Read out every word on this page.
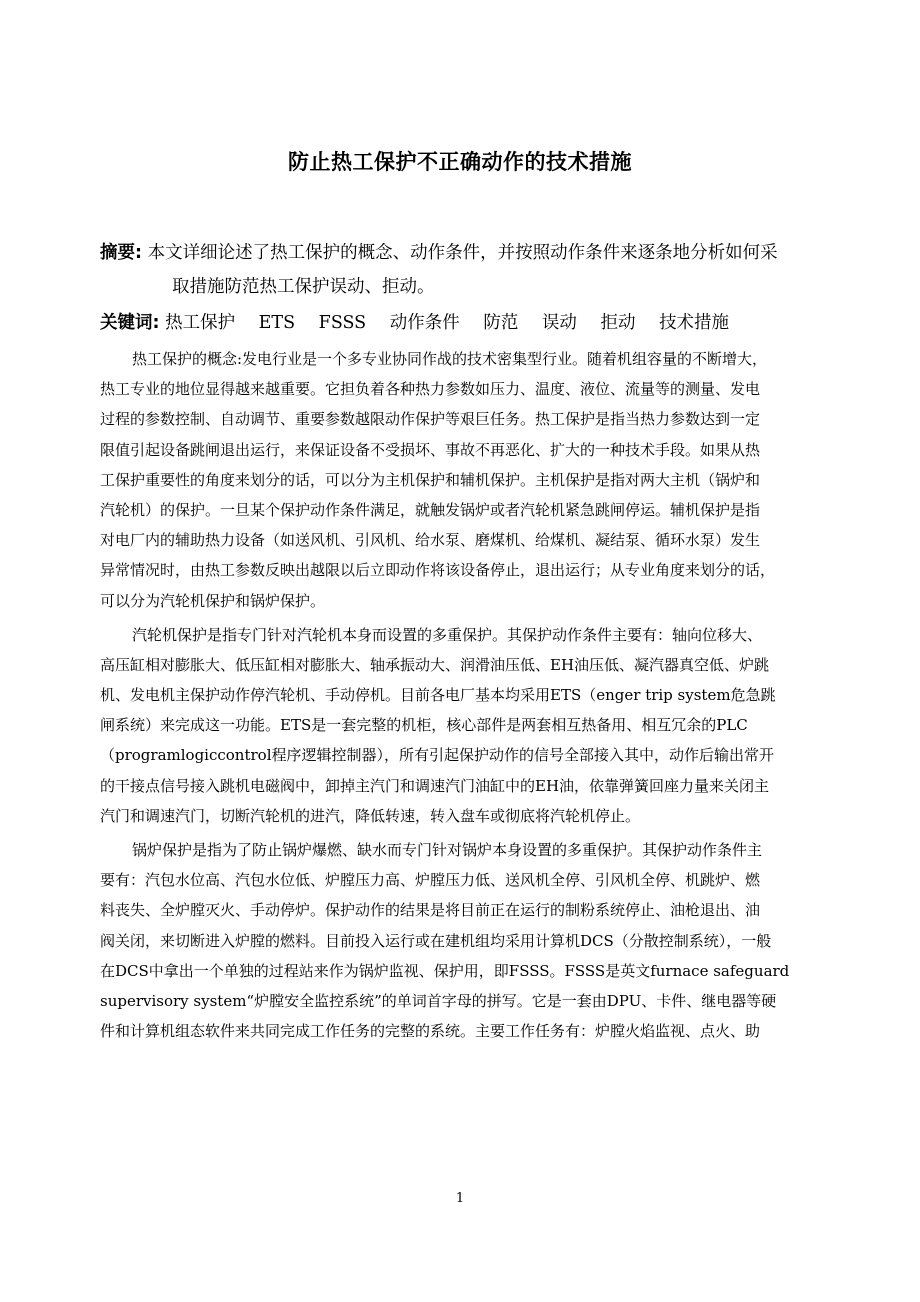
防止热工保护不正确动作的技术措施
摘要: 本文详细论述了热工保护的概念、动作条件，并按照动作条件来逐条地分析如何采
取措施防范热工保护误动、拒动。
关键词: 热工保护 ETS FSSS 动作条件 防范 误动 拒动 技术措施
热工保护的概念:发电行业是一个多专业协同作战的技术密集型行业。随着机组容量的不断增大，
热工专业的地位显得越来越重要。它担负着各种热力参数如压力、温度、液位、流量等的测量、发电
过程的参数控制、自动调节、重要参数越限动作保护等艰巨任务。热工保护是指当热力参数达到一定
限值引起设备跳闸退出运行，来保证设备不受损坏、事故不再恶化、扩大的一种技术手段。如果从热
工保护重要性的角度来划分的话，可以分为主机保护和辅机保护。主机保护是指对两大主机（锅炉和
汽轮机）的保护。一旦某个保护动作条件满足，就触发锅炉或者汽轮机紧急跳闸停运。辅机保护是指
对电厂内的辅助热力设备（如送风机、引风机、给水泵、磨煤机、给煤机、凝结泵、循环水泵）发生
异常情况时，由热工参数反映出越限以后立即动作将该设备停止，退出运行；从专业角度来划分的话，
可以分为汽轮机保护和锅炉保护。
汽轮机保护是指专门针对汽轮机本身而设置的多重保护。其保护动作条件主要有：轴向位移大、
高压缸相对膨胀大、低压缸相对膨胀大、轴承振动大、润滑油压低、EH油压低、凝汽器真空低、炉跳
机、发电机主保护动作停汽轮机、手动停机。目前各电厂基本均采用ETS（enger trip system危急跳
闸系统）来完成这一功能。ETS是一套完整的机柜，核心部件是两套相互热备用、相互冗余的PLC
（programlogiccontrol程序逻辑控制器），所有引起保护动作的信号全部接入其中，动作后输出常开
的干接点信号接入跳机电磁阀中，卸掉主汽门和调速汽门油缸中的EH油，依靠弹簧回座力量来关闭主
汽门和调速汽门，切断汽轮机的进汽，降低转速，转入盘车或彻底将汽轮机停止。
锅炉保护是指为了防止锅炉爆燃、缺水而专门针对锅炉本身设置的多重保护。其保护动作条件主
要有：汽包水位高、汽包水位低、炉膛压力高、炉膛压力低、送风机全停、引风机全停、机跳炉、燃
料丧失、全炉膛灭火、手动停炉。保护动作的结果是将目前正在运行的制粉系统停止、油枪退出、油
阀关闭，来切断进入炉膛的燃料。目前投入运行或在建机组均采用计算机DCS（分散控制系统），一般
在DCS中拿出一个单独的过程站来作为锅炉监视、保护用，即FSSS。FSSS是英文furnace safeguard
supervisory system“炉膛安全监控系统”的单词首字母的拼写。它是一套由DPU、卡件、继电器等硬
件和计算机组态软件来共同完成工作任务的完整的系统。主要工作任务有：炉膛火焰监视、点火、助
1
